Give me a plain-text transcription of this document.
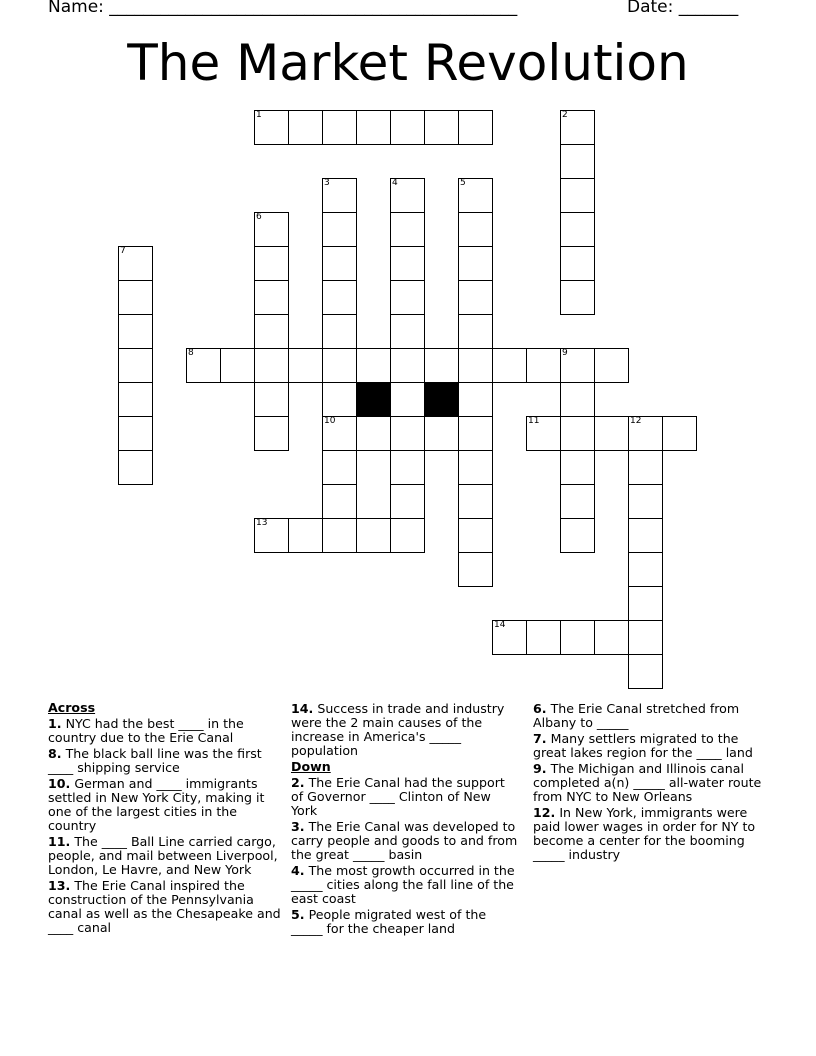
Name: ________________________________________________	Date: _______
The Market Revolution
1	2
3	4	5
6
7
8	9
10	11	12
13
14
Across
1. NYC had the best ____ in the country due to the Erie Canal
8. The black ball line was the first ____ shipping service
10. German and ____ immigrants settled in New York City, making it one of the largest cities in the country
11. The ____ Ball Line carried cargo, people, and mail between Liverpool, London, Le Havre, and New York
13. The Erie Canal inspired the construction of the Pennsylvania canal as well as the Chesapeake and ____ canal
14. Success in trade and industry were the 2 main causes of the increase in America's _____ population
Down
2. The Erie Canal had the support of Governor ____ Clinton of New York
3. The Erie Canal was developed to carry people and goods to and from the great _____ basin
4. The most growth occurred in the _____ cities along the fall line of the east coast
5. People migrated west of the _____ for the cheaper land
6. The Erie Canal stretched from Albany to _____
7. Many settlers migrated to the great lakes region for the ____ land
9. The Michigan and Illinois canal completed a(n) _____ all-water route from NYC to New Orleans
12. In New York, immigrants were paid lower wages in order for NY to become a center for the booming _____ industry
